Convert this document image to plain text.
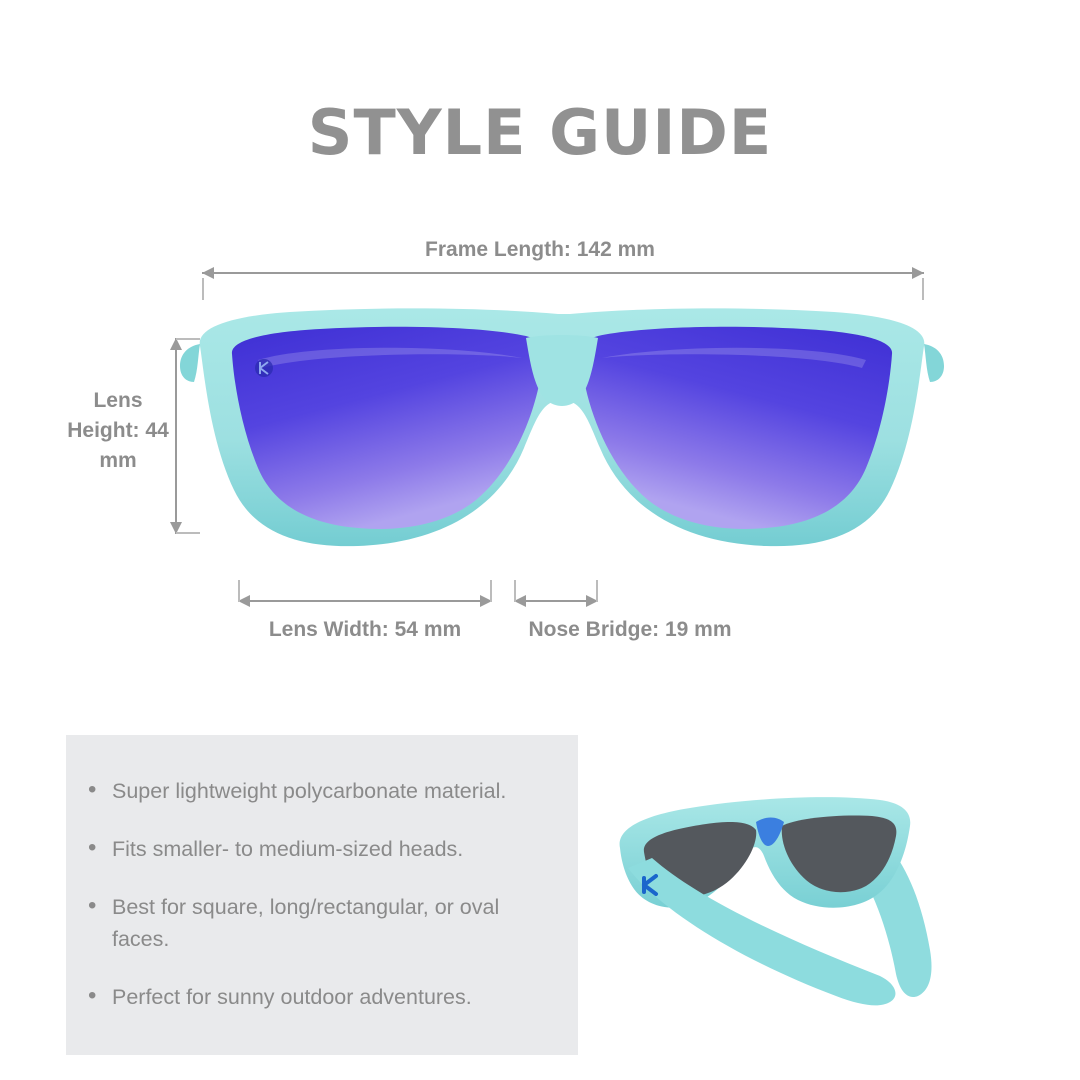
STYLE GUIDE
Frame Length: 142 mm
Lens Height: 44 mm
Lens Width: 54 mm	Nose Bridge: 19 mm
• Super lightweight polycarbonate material.
• Fits smaller- to medium-sized heads.
• Best for square, long/rectangular, or oval faces.
• Perfect for sunny outdoor adventures.
